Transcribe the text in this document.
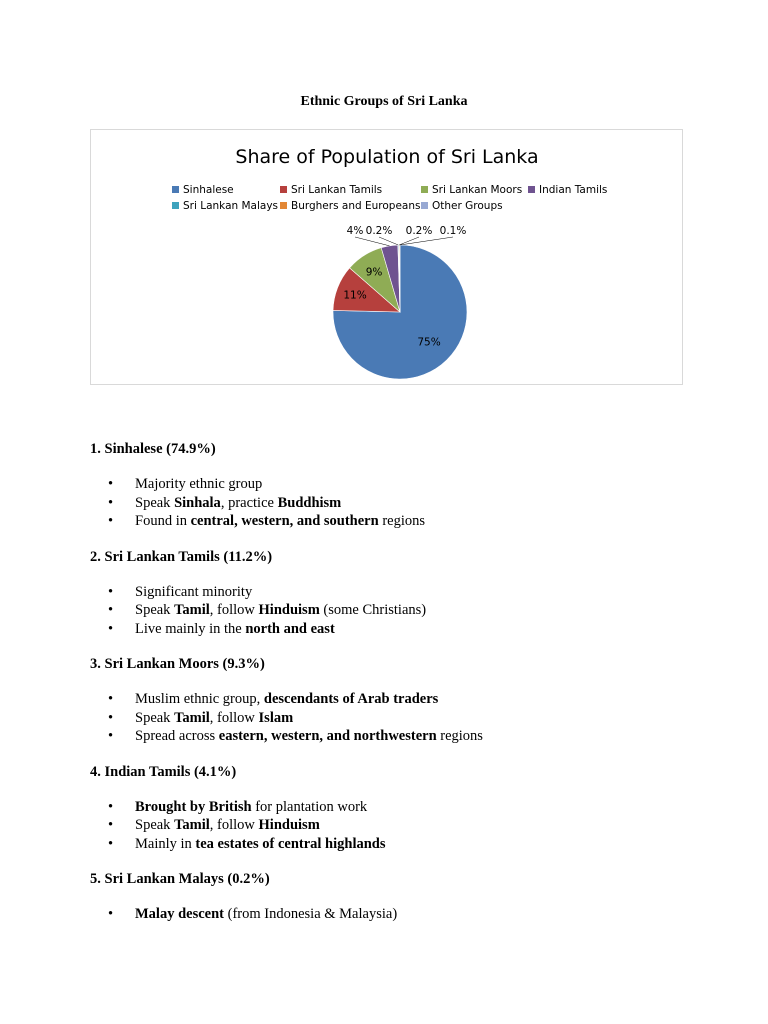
Ethnic Groups of Sri Lanka
Share of Population of Sri Lanka
Sinhalese	Sri Lankan Tamils	Sri Lankan Moors Indian Tamils
Sri Lankan Malays Burghers and Europeans Other Groups
75%
11%
9%
4% 0.2% 0.2% 0.1%
1. Sinhalese (74.9%)
• Majority ethnic group
• Speak Sinhala, practice Buddhism
• Found in central, western, and southern regions
2. Sri Lankan Tamils (11.2%)
• Significant minority
• Speak Tamil, follow Hinduism (some Christians)
• Live mainly in the north and east
3. Sri Lankan Moors (9.3%)
• Muslim ethnic group, descendants of Arab traders
• Speak Tamil, follow Islam
• Spread across eastern, western, and northwestern regions
4. Indian Tamils (4.1%)
• Brought by British for plantation work
• Speak Tamil, follow Hinduism
• Mainly in tea estates of central highlands
5. Sri Lankan Malays (0.2%)
• Malay descent (from Indonesia & Malaysia)
